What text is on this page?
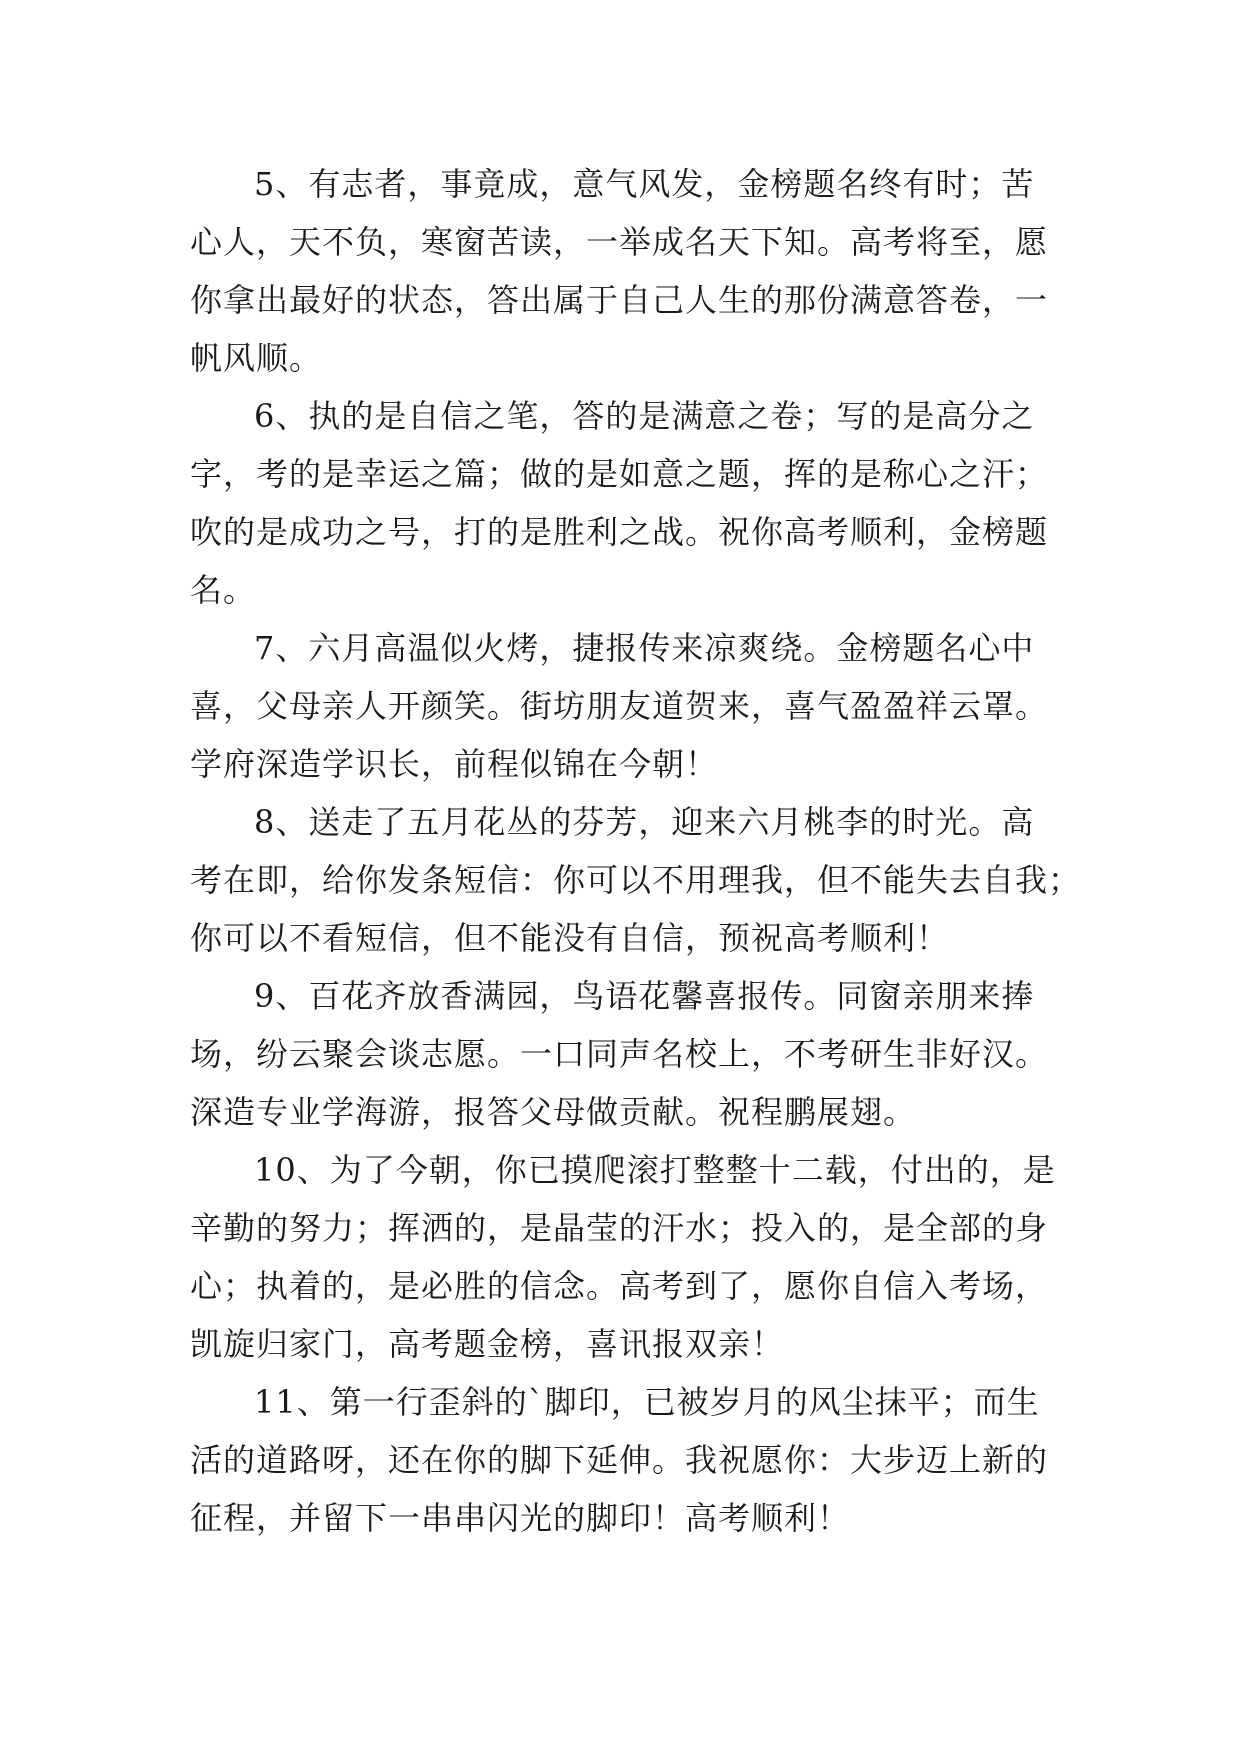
5、有志者，事竟成，意气风发，金榜题名终有时；苦
心人，天不负，寒窗苦读，一举成名天下知。高考将至，愿
你拿出最好的状态，答出属于自己人生的那份满意答卷，一
帆风顺。
6、执的是自信之笔，答的是满意之卷；写的是高分之
字，考的是幸运之篇；做的是如意之题，挥的是称心之汗；
吹的是成功之号，打的是胜利之战。祝你高考顺利，金榜题
名。
7、六月高温似火烤，捷报传来凉爽绕。金榜题名心中
喜，父母亲人开颜笑。街坊朋友道贺来，喜气盈盈祥云罩。
学府深造学识长，前程似锦在今朝！
8、送走了五月花丛的芬芳，迎来六月桃李的时光。高
考在即，给你发条短信：你可以不用理我，但不能失去自我；
你可以不看短信，但不能没有自信，预祝高考顺利！
9、百花齐放香满园，鸟语花馨喜报传。同窗亲朋来捧
场，纷云聚会谈志愿。一口同声名校上，不考研生非好汉。
深造专业学海游，报答父母做贡献。祝程鹏展翅。
10、为了今朝，你已摸爬滚打整整十二载，付出的，是
辛勤的努力；挥洒的，是晶莹的汗水；投入的，是全部的身
心；执着的，是必胜的信念。高考到了，愿你自信入考场，
凯旋归家门，高考题金榜，喜讯报双亲！
11、第一行歪斜的`脚印，已被岁月的风尘抹平；而生
活的道路呀，还在你的脚下延伸。我祝愿你：大步迈上新的
征程，并留下一串串闪光的脚印！高考顺利！
